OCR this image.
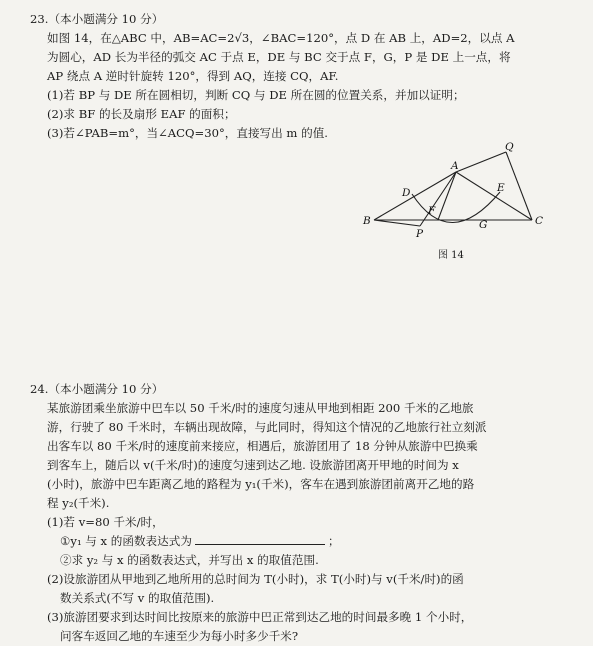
23.（本小题满分 10 分）

如图 14，在△ABC 中，AB=AC=2√3，∠BAC=120°，点 D 在 AB 上，AD=2，以点 A

为圆心，AD 长为半径的弧交 AC 于点 E，DE 与 BC 交于点 F，G，P 是 DE 上一点，将

AP 绕点 A 逆时针旋转 120°，得到 AQ，连接 CQ，AF.

(1)若 BP 与 DE 所在圆相切，判断 CQ 与 DE 所在圆的位置关系，并加以证明；

(2)求 BF 的长及扇形 EAF 的面积；

(3)若∠PAB=m°，当∠ACQ=30°，直接写出 m 的值.

A
B	C
D	E
F
G
P
Q
图 14

24.（本小题满分 10 分）

某旅游团乘坐旅游中巴车以 50 千米/时的速度匀速从甲地到相距 200 千米的乙地旅

游，行驶了 80 千米时，车辆出现故障，与此同时，得知这个情况的乙地旅行社立刻派

出客车以 80 千米/时的速度前来接应，相遇后，旅游团用了 18 分钟从旅游中巴换乘

到客车上，随后以 v(千米/时)的速度匀速到达乙地. 设旅游团离开甲地的时间为 x

(小时)，旅游中巴车距离乙地的路程为 y₁(千米)，客车在遇到旅游团前离开乙地的路

程 y₂(千米).

(1)若 v=80 千米/时，

①y₁ 与 x 的函数表达式为	；

②求 y₂ 与 x 的函数表达式，并写出 x 的取值范围.

(2)设旅游团从甲地到乙地所用的总时间为 T(小时)，求 T(小时)与 v(千米/时)的函

数关系式(不写 v 的取值范围).

(3)旅游团要求到达时间比按原来的旅游中巴正常到达乙地的时间最多晚 1 个小时，

问客车返回乙地的车速至少为每小时多少千米?
